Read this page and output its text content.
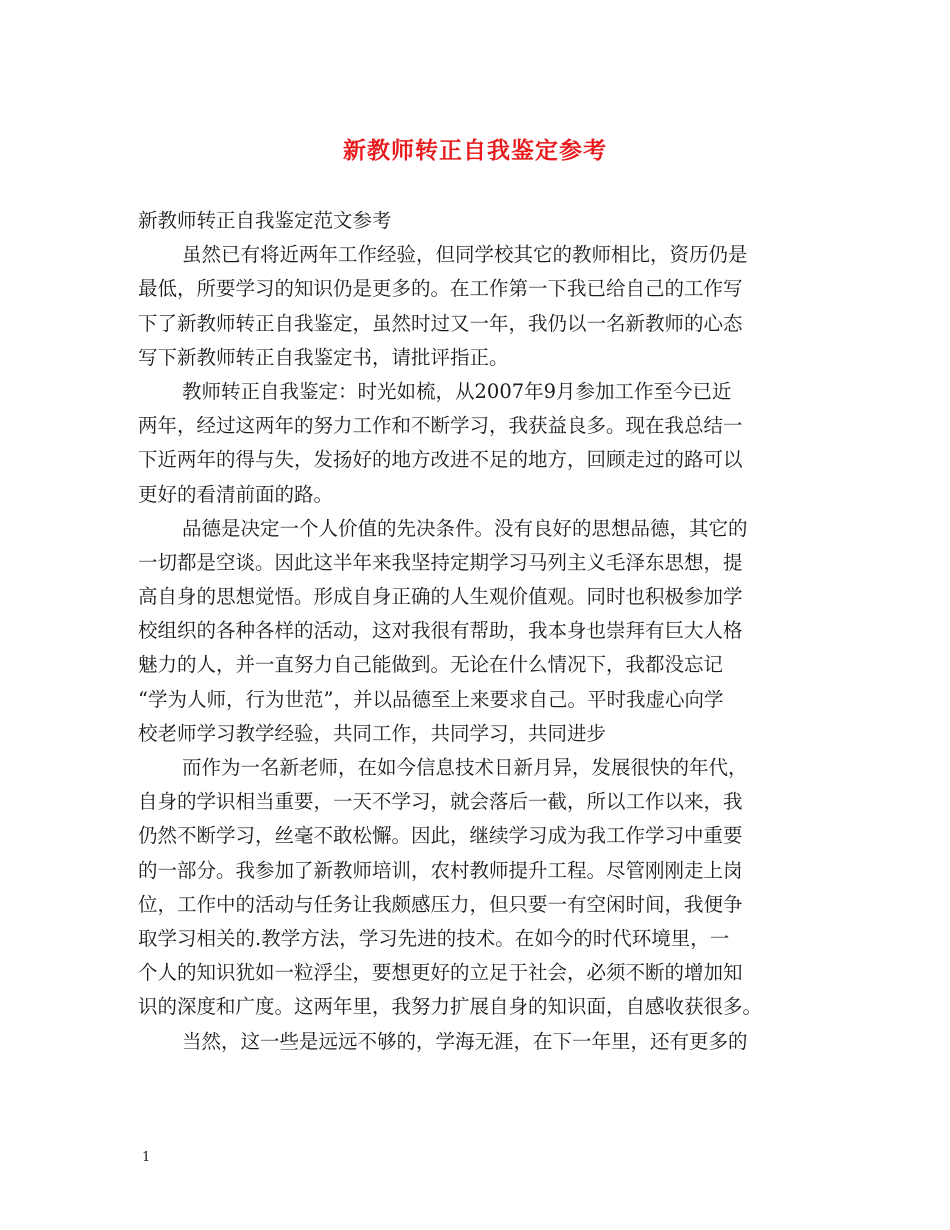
新教师转正自我鉴定参考
新教师转正自我鉴定范文参考
虽然已有将近两年工作经验，但同学校其它的教师相比，资历仍是
最低，所要学习的知识仍是更多的。在工作第一下我已给自己的工作写
下了新教师转正自我鉴定，虽然时过又一年，我仍以一名新教师的心态
写下新教师转正自我鉴定书，请批评指正。
教师转正自我鉴定：时光如梳，从2007年9月参加工作至今已近
两年，经过这两年的努力工作和不断学习，我获益良多。现在我总结一
下近两年的得与失，发扬好的地方改进不足的地方，回顾走过的路可以
更好的看清前面的路。
品德是决定一个人价值的先决条件。没有良好的思想品德，其它的
一切都是空谈。因此这半年来我坚持定期学习马列主义毛泽东思想，提
高自身的思想觉悟。形成自身正确的人生观价值观。同时也积极参加学
校组织的各种各样的活动，这对我很有帮助，我本身也崇拜有巨大人格
魅力的人，并一直努力自己能做到。无论在什么情况下，我都没忘记
“学为人师，行为世范”，并以品德至上来要求自己。平时我虚心向学
校老师学习教学经验，共同工作，共同学习，共同进步
而作为一名新老师，在如今信息技术日新月异，发展很快的年代，
自身的学识相当重要，一天不学习，就会落后一截，所以工作以来，我
仍然不断学习，丝毫不敢松懈。因此，继续学习成为我工作学习中重要
的一部分。我参加了新教师培训，农村教师提升工程。尽管刚刚走上岗
位，工作中的活动与任务让我颇感压力，但只要一有空闲时间，我便争
取学习相关的.教学方法，学习先进的技术。在如今的时代环境里，一
个人的知识犹如一粒浮尘，要想更好的立足于社会，必须不断的增加知
识的深度和广度。这两年里，我努力扩展自身的知识面，自感收获很多。
当然，这一些是远远不够的，学海无涯，在下一年里，还有更多的
1
